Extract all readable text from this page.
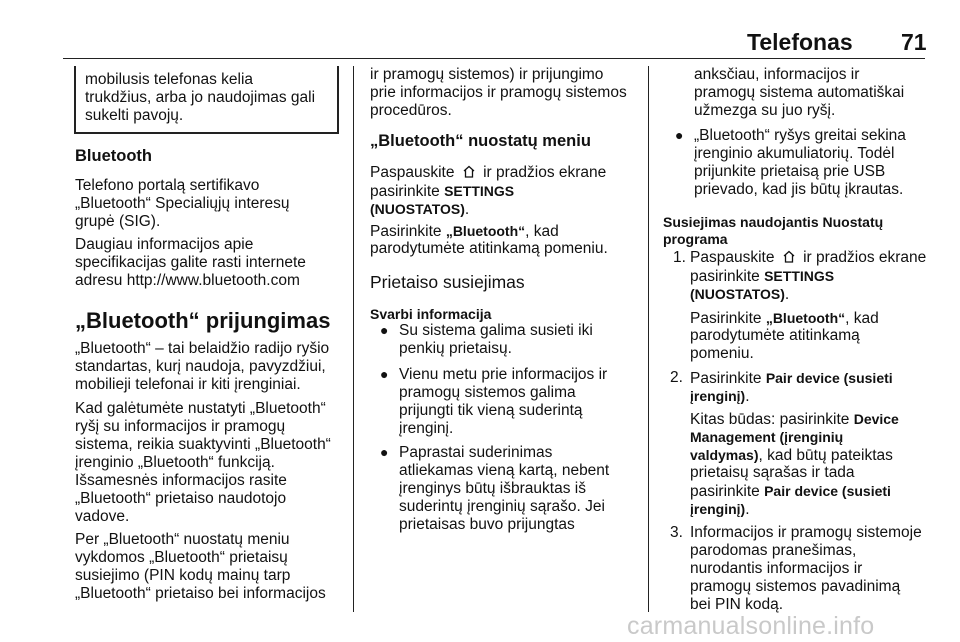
Telefonas 71
mobilusis telefonas kelia
trukdžius, arba jo naudojimas gali
sukelti pavojų.
Bluetooth
Telefono portalą sertifikavo
„Bluetooth“ Specialiųjų interesų
grupė (SIG).
Daugiau informacijos apie
specifikacijas galite rasti internete
adresu http://www.bluetooth.com
„Bluetooth“ prijungimas
„Bluetooth“ – tai belaidžio radijo ryšio
standartas, kurį naudoja, pavyzdžiui,
mobilieji telefonai ir kiti įrenginiai.
Kad galėtumėte nustatyti „Bluetooth“
ryšį su informacijos ir pramogų
sistema, reikia suaktyvinti „Bluetooth“
įrenginio „Bluetooth“ funkciją.
Išsamesnės informacijos rasite
„Bluetooth“ prietaiso naudotojo
vadove.
Per „Bluetooth“ nuostatų meniu
vykdomos „Bluetooth“ prietaisų
susiejimo (PIN kodų mainų tarp
„Bluetooth“ prietaiso bei informacijos
ir pramogų sistemos) ir prijungimo
prie informacijos ir pramogų sistemos
procedūros.
„Bluetooth“ nuostatų meniu
Paspauskite ir pradžios ekrane
pasirinkite SETTINGS
(NUOSTATOS).
Pasirinkite „Bluetooth“, kad
parodytumėte atitinkamą pomeniu.
Prietaiso susiejimas
Svarbi informacija
● Su sistema galima susieti iki
penkių prietaisų.
● Vienu metu prie informacijos ir
pramogų sistemos galima
prijungti tik vieną suderintą
įrenginį.
● Paprastai suderinimas
atliekamas vieną kartą, nebent
įrenginys būtų išbrauktas iš
suderintų įrenginių sąrašo. Jei
prietaisas buvo prijungtas
anksčiau, informacijos ir
pramogų sistema automatiškai
užmezga su juo ryšį.
● „Bluetooth“ ryšys greitai sekina
įrenginio akumuliatorių. Todėl
prijunkite prietaisą prie USB
prievado, kad jis būtų įkrautas.
Susiejimas naudojantis Nuostatų
programa
1. Paspauskite ir pradžios ekrane
pasirinkite SETTINGS
(NUOSTATOS).
Pasirinkite „Bluetooth“, kad
parodytumėte atitinkamą
pomeniu.
2. Pasirinkite Pair device (susieti
įrenginį).
Kitas būdas: pasirinkite Device
Management (įrenginių
valdymas), kad būtų pateiktas
prietaisų sąrašas ir tada
pasirinkite Pair device (susieti
įrenginį).
3. Informacijos ir pramogų sistemoje
parodomas pranešimas,
nurodantis informacijos ir
pramogų sistemos pavadinimą
bei PIN kodą.
carmanualsonline.info
